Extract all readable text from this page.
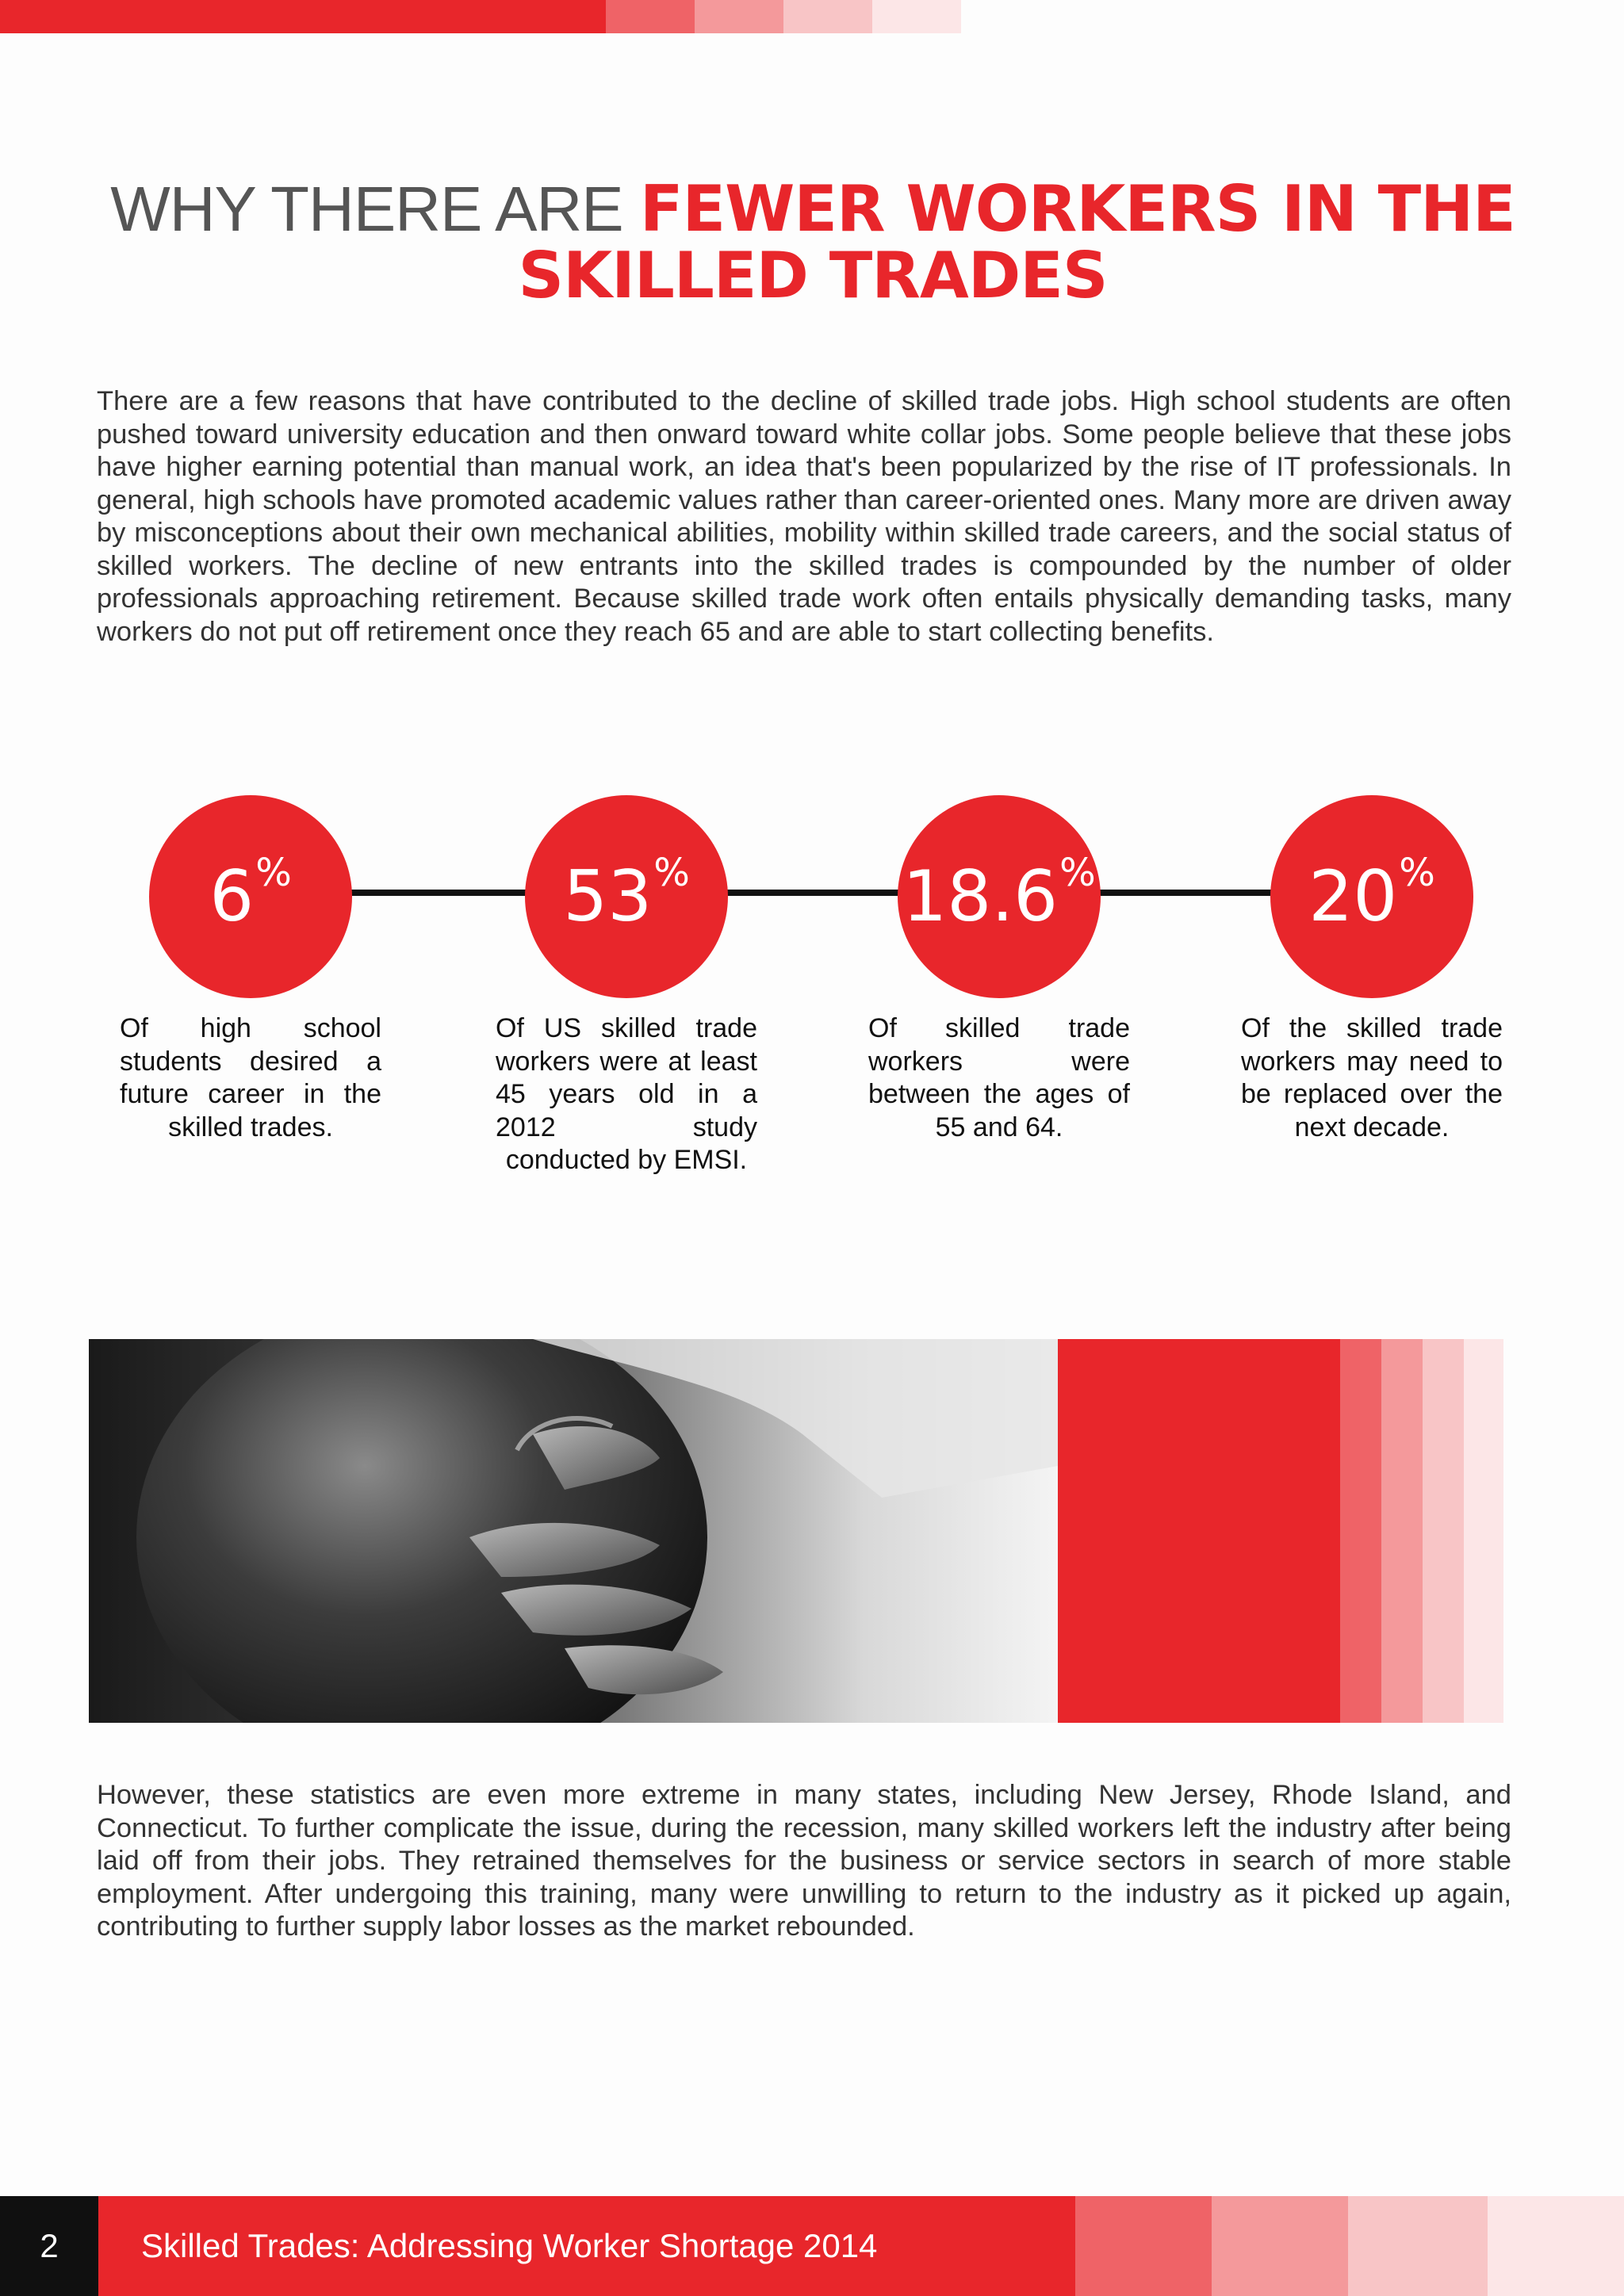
WHY THERE ARE FEWER WORKERS IN THE SKILLED TRADES

There are a few reasons that have contributed to the decline of skilled trade jobs. High school students are often pushed toward university education and then onward toward white collar jobs. Some people believe that these jobs have higher earning potential than manual work, an idea that's been popularized by the rise of IT professionals. In general, high schools have promoted academic values rather than career-oriented ones. Many more are driven away by misconceptions about their own mechanical abilities, mobility within skilled trade careers, and the social status of skilled workers. The decline of new entrants into the skilled trades is compounded by the number of older professionals approaching retirement. Because skilled trade work often entails physically demanding tasks, many workers do not put off retirement once they reach 65 and are able to start collecting benefits.

6 %
Of high school students desired a future career in the skilled trades.
53 %
Of US skilled trade workers were at least 45 years old in a 2012 study conducted by EMSI.
18.6 %
Of skilled trade workers were between the ages of 55 and 64.
20 %
Of the skilled trade workers may need to be replaced over the next decade.

However, these statistics are even more extreme in many states, including New Jersey, Rhode Island, and Connecticut. To further complicate the issue, during the recession, many skilled workers left the industry after being laid off from their jobs. They retrained themselves for the business or service sectors in search of more stable employment. After undergoing this training, many were unwilling to return to the industry as it picked up again, contributing to further supply labor losses as the market rebounded.

2	Skilled Trades: Addressing Worker Shortage 2014
